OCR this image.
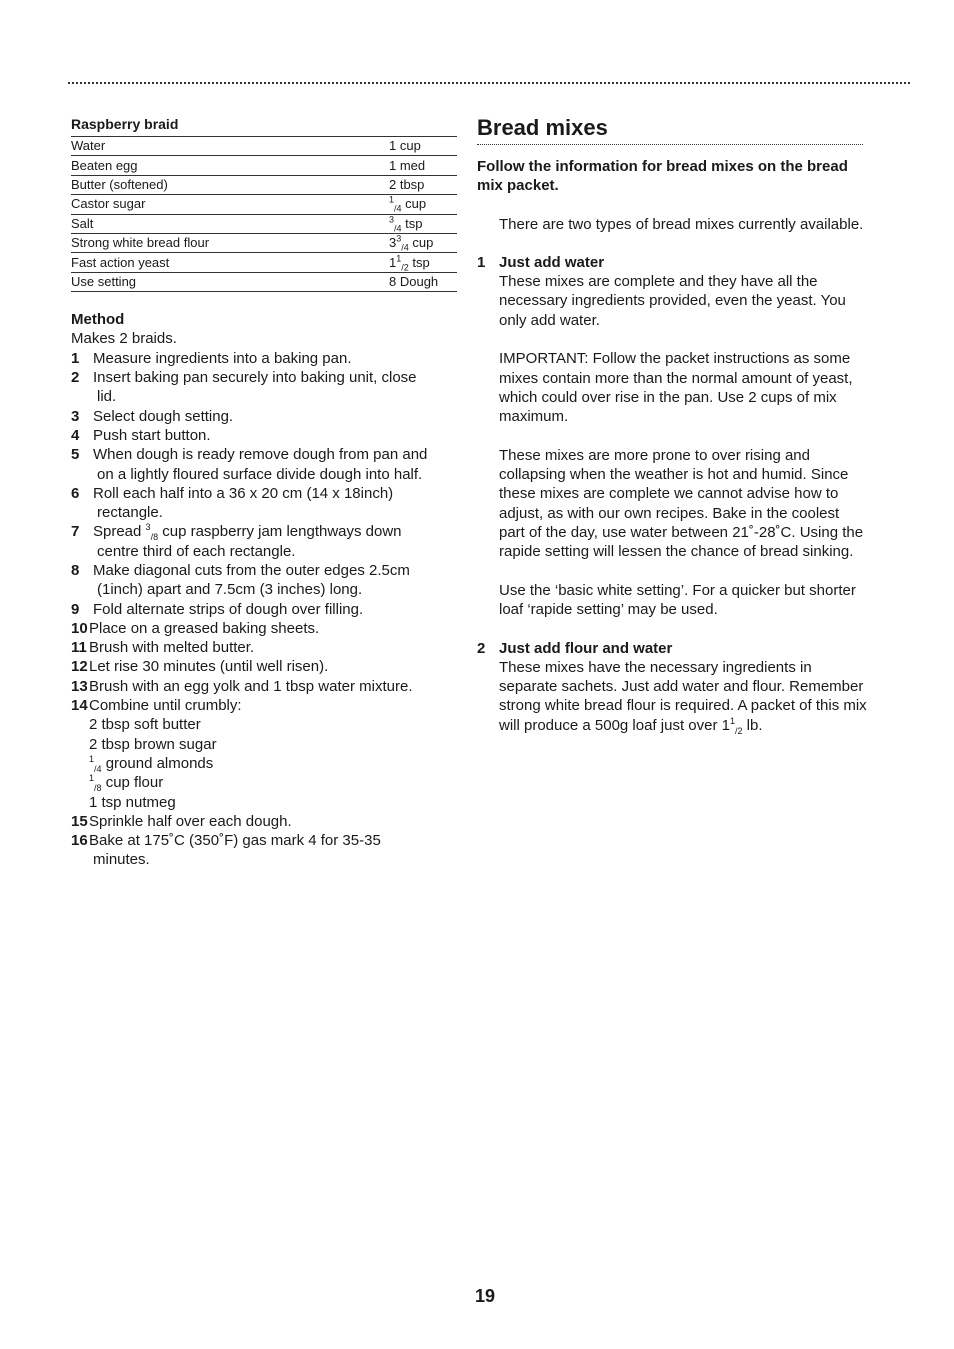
Raspberry braid
Water	1 cup
Beaten egg	1 med
Butter (softened)	2 tbsp
Castor sugar	$^1_{/4}$ cup
Salt	$^3_{/4}$ tsp
Strong white bread flour	$3^3_{/4}$ cup
Fast action yeast	$1^1_{/2}$ tsp
Use setting	8 Dough
Method
Makes 2 braids.
1 Measure ingredients into a baking pan.
2 Insert baking pan securely into baking unit, close
lid.
3 Select dough setting.
4 Push start button.
5 When dough is ready remove dough from pan and
on a lightly floured surface divide dough into half.
6 Roll each half into a 36 x 20 cm (14 x 18inch)
rectangle.
7 Spread $^3_{/8}$ cup raspberry jam lengthways down
centre third of each rectangle.
8 Make diagonal cuts from the outer edges 2.5cm
(1inch) apart and 7.5cm (3 inches) long.
9 Fold alternate strips of dough over filling.
10 Place on a greased baking sheets.
11 Brush with melted butter.
12 Let rise 30 minutes (until well risen).
13 Brush with an egg yolk and 1 tbsp water mixture.
14 Combine until crumbly:
2 tbsp soft butter
2 tbsp brown sugar
$^1_{/4}$ ground almonds
$^1_{/8}$ cup flour
1 tsp nutmeg
15 Sprinkle half over each dough.
16 Bake at 175˚C (350˚F) gas mark 4 for 35-35
minutes.
Bread mixes
Follow the information for bread mixes on the bread mix packet.
There are two types of bread mixes currently available.
1 Just add water
These mixes are complete and they have all the necessary ingredients provided, even the yeast. You only add water.
IMPORTANT: Follow the packet instructions as some mixes contain more than the normal amount of yeast, which could over rise in the pan. Use 2 cups of mix maximum.
These mixes are more prone to over rising and collapsing when the weather is hot and humid. Since these mixes are complete we cannot advise how to adjust, as with our own recipes. Bake in the coolest part of the day, use water between 21˚-28˚C. Using the rapide setting will lessen the chance of bread sinking.
Use the ‘basic white setting’. For a quicker but shorter loaf ‘rapide setting’ may be used.
2 Just add flour and water
These mixes have the necessary ingredients in separate sachets. Just add water and flour. Remember strong white bread flour is required. A packet of this mix will produce a 500g loaf just over $1^1_{/2}$ lb.
19
